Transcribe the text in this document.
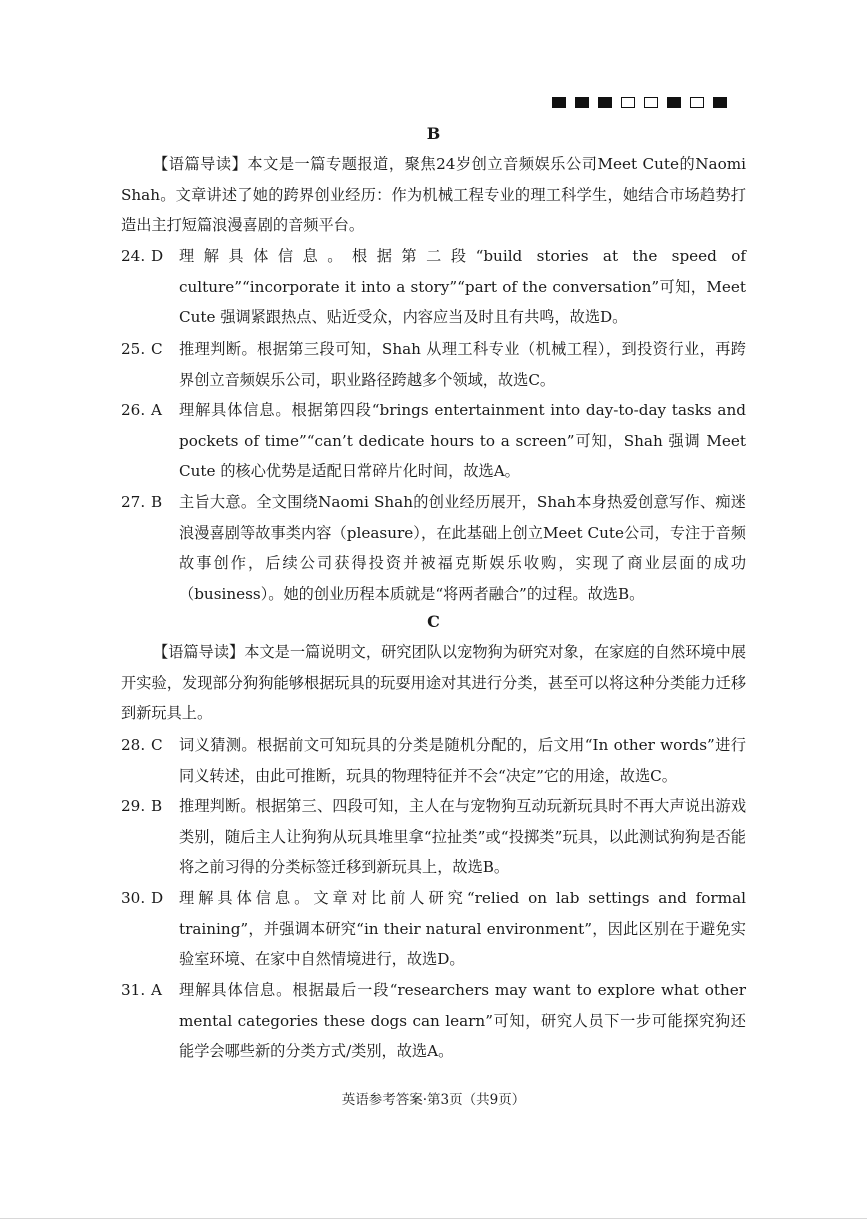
B

【语篇导读】本文是一篇专题报道，聚焦24岁创立音频娱乐公司Meet Cute的Naomi Shah。文章讲述了她的跨界创业经历：作为机械工程专业的理工科学生，她结合市场趋势打造出主打短篇浪漫喜剧的音频平台。

24. D	理解具体信息。根据第二段“build stories at the speed of culture”“incorporate it into a story”“part of the conversation”可知，Meet Cute 强调紧跟热点、贴近受众，内容应当及时且有共鸣，故选D。
25. C	推理判断。根据第三段可知，Shah 从理工科专业（机械工程），到投资行业，再跨界创立音频娱乐公司，职业路径跨越多个领域，故选C。
26. A	理解具体信息。根据第四段“brings entertainment into day-to-day tasks and pockets of time”“can’t dedicate hours to a screen”可知，Shah 强调 Meet Cute 的核心优势是适配日常碎片化时间，故选A。
27. B	主旨大意。全文围绕Naomi Shah的创业经历展开，Shah本身热爱创意写作、痴迷浪漫喜剧等故事类内容（pleasure），在此基础上创立Meet Cute公司，专注于音频故事创作，后续公司获得投资并被福克斯娱乐收购，实现了商业层面的成功（business）。她的创业历程本质就是“将两者融合”的过程。故选B。
C

【语篇导读】本文是一篇说明文，研究团队以宠物狗为研究对象，在家庭的自然环境中展开实验，发现部分狗狗能够根据玩具的玩耍用途对其进行分类，甚至可以将这种分类能力迁移到新玩具上。

28. C	词义猜测。根据前文可知玩具的分类是随机分配的，后文用“In other words”进行同义转述，由此可推断，玩具的物理特征并不会“决定”它的用途，故选C。
29. B	推理判断。根据第三、四段可知，主人在与宠物狗互动玩新玩具时不再大声说出游戏类别，随后主人让狗狗从玩具堆里拿“拉扯类”或“投掷类”玩具，以此测试狗狗是否能将之前习得的分类标签迁移到新玩具上，故选B。
30. D	理解具体信息。文章对比前人研究“relied on lab settings and formal training”，并强调本研究“in their natural environment”，因此区别在于避免实验室环境、在家中自然情境进行，故选D。
31. A	理解具体信息。根据最后一段“researchers may want to explore what other mental categories these dogs can learn”可知，研究人员下一步可能探究狗还能学会哪些新的分类方式/类别，故选A。
英语参考答案·第3页（共9页）
